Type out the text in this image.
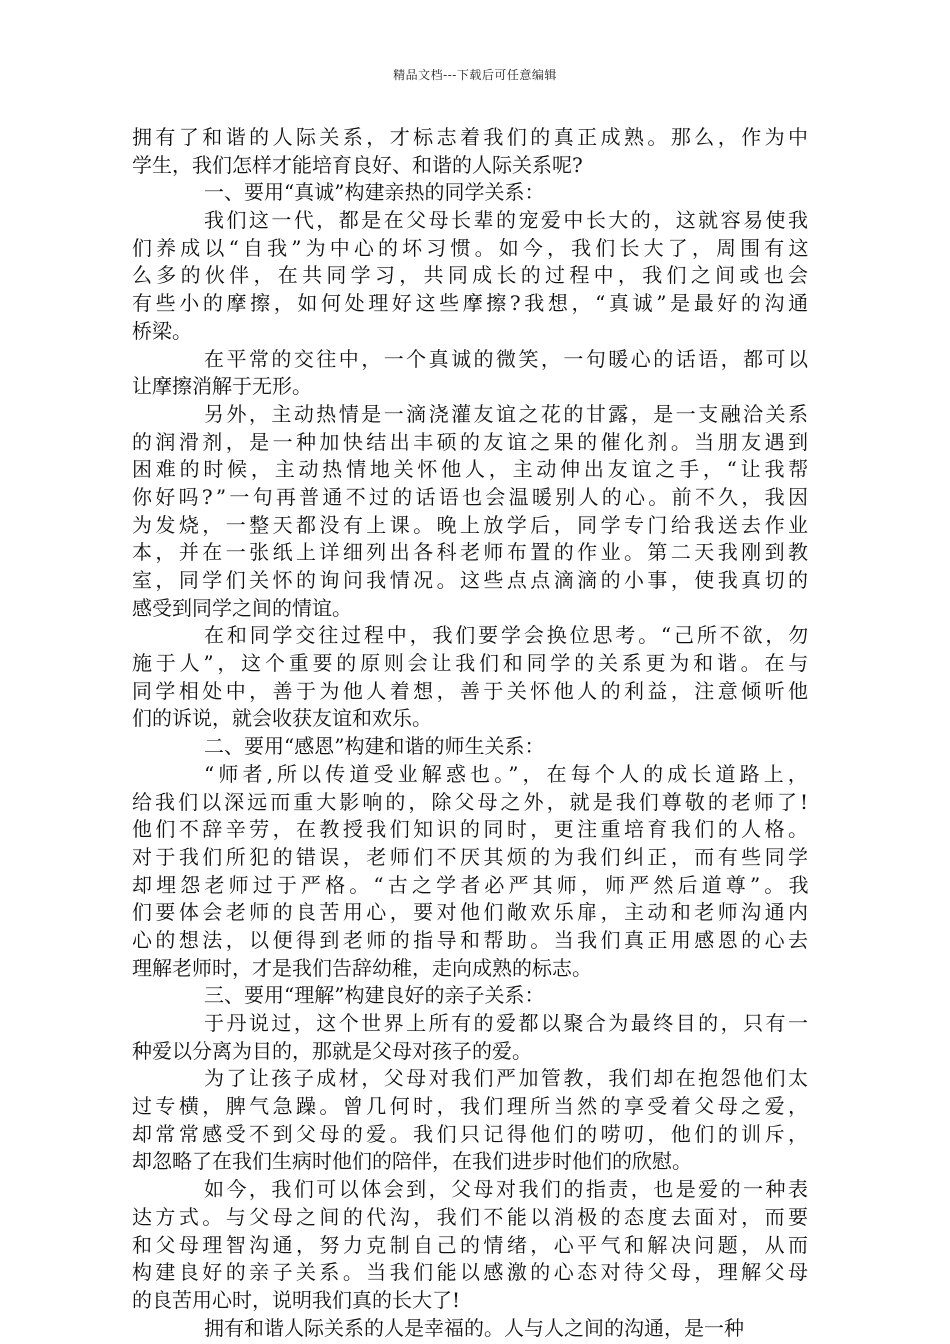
精品文档---下载后可任意编辑
拥有了和谐的人际关系，才标志着我们的真正成熟。那么，作为中
学生，我们怎样才能培育良好、和谐的人际关系呢?
一、要用“真诚”构建亲热的同学关系：
我们这一代，都是在父母长辈的宠爱中长大的，这就容易使我
们养成以“自我”为中心的坏习惯。如今，我们长大了，周围有这
么多的伙伴，在共同学习，共同成长的过程中，我们之间或也会
有些小的摩擦，如何处理好这些摩擦?我想，“真诚”是最好的沟通
桥梁。
在平常的交往中，一个真诚的微笑，一句暖心的话语，都可以
让摩擦消解于无形。
另外，主动热情是一滴浇灌友谊之花的甘露，是一支融洽关系
的润滑剂，是一种加快结出丰硕的友谊之果的催化剂。当朋友遇到
困难的时候，主动热情地关怀他人，主动伸出友谊之手，“让我帮
你好吗?”一句再普通不过的话语也会温暖别人的心。前不久，我因
为发烧，一整天都没有上课。晚上放学后，同学专门给我送去作业
本，并在一张纸上详细列出各科老师布置的作业。第二天我刚到教
室，同学们关怀的询问我情况。这些点点滴滴的小事，使我真切的
感受到同学之间的情谊。
在和同学交往过程中，我们要学会换位思考。“己所不欲，勿
施于人”，这个重要的原则会让我们和同学的关系更为和谐。在与
同学相处中，善于为他人着想，善于关怀他人的利益，注意倾听他
们的诉说，就会收获友谊和欢乐。
二、要用“感恩”构建和谐的师生关系：
“师者,所以传道受业解惑也。”，在每个人的成长道路上，
给我们以深远而重大影响的，除父母之外，就是我们尊敬的老师了!
他们不辞辛劳，在教授我们知识的同时，更注重培育我们的人格。
对于我们所犯的错误，老师们不厌其烦的为我们纠正，而有些同学
却埋怨老师过于严格。“古之学者必严其师，师严然后道尊”。我
们要体会老师的良苦用心，要对他们敞欢乐扉，主动和老师沟通内
心的想法，以便得到老师的指导和帮助。当我们真正用感恩的心去
理解老师时，才是我们告辞幼稚，走向成熟的标志。
三、要用“理解”构建良好的亲子关系：
于丹说过，这个世界上所有的爱都以聚合为最终目的，只有一
种爱以分离为目的，那就是父母对孩子的爱。
为了让孩子成材，父母对我们严加管教，我们却在抱怨他们太
过专横，脾气急躁。曾几何时，我们理所当然的享受着父母之爱，
却常常感受不到父母的爱。我们只记得他们的唠叨，他们的训斥，
却忽略了在我们生病时他们的陪伴，在我们进步时他们的欣慰。
如今，我们可以体会到，父母对我们的指责，也是爱的一种表
达方式。与父母之间的代沟，我们不能以消极的态度去面对，而要
和父母理智沟通，努力克制自己的情绪，心平气和解决问题，从而
构建良好的亲子关系。当我们能以感激的心态对待父母，理解父母
的良苦用心时，说明我们真的长大了!
拥有和谐人际关系的人是幸福的。人与人之间的沟通，是一种
